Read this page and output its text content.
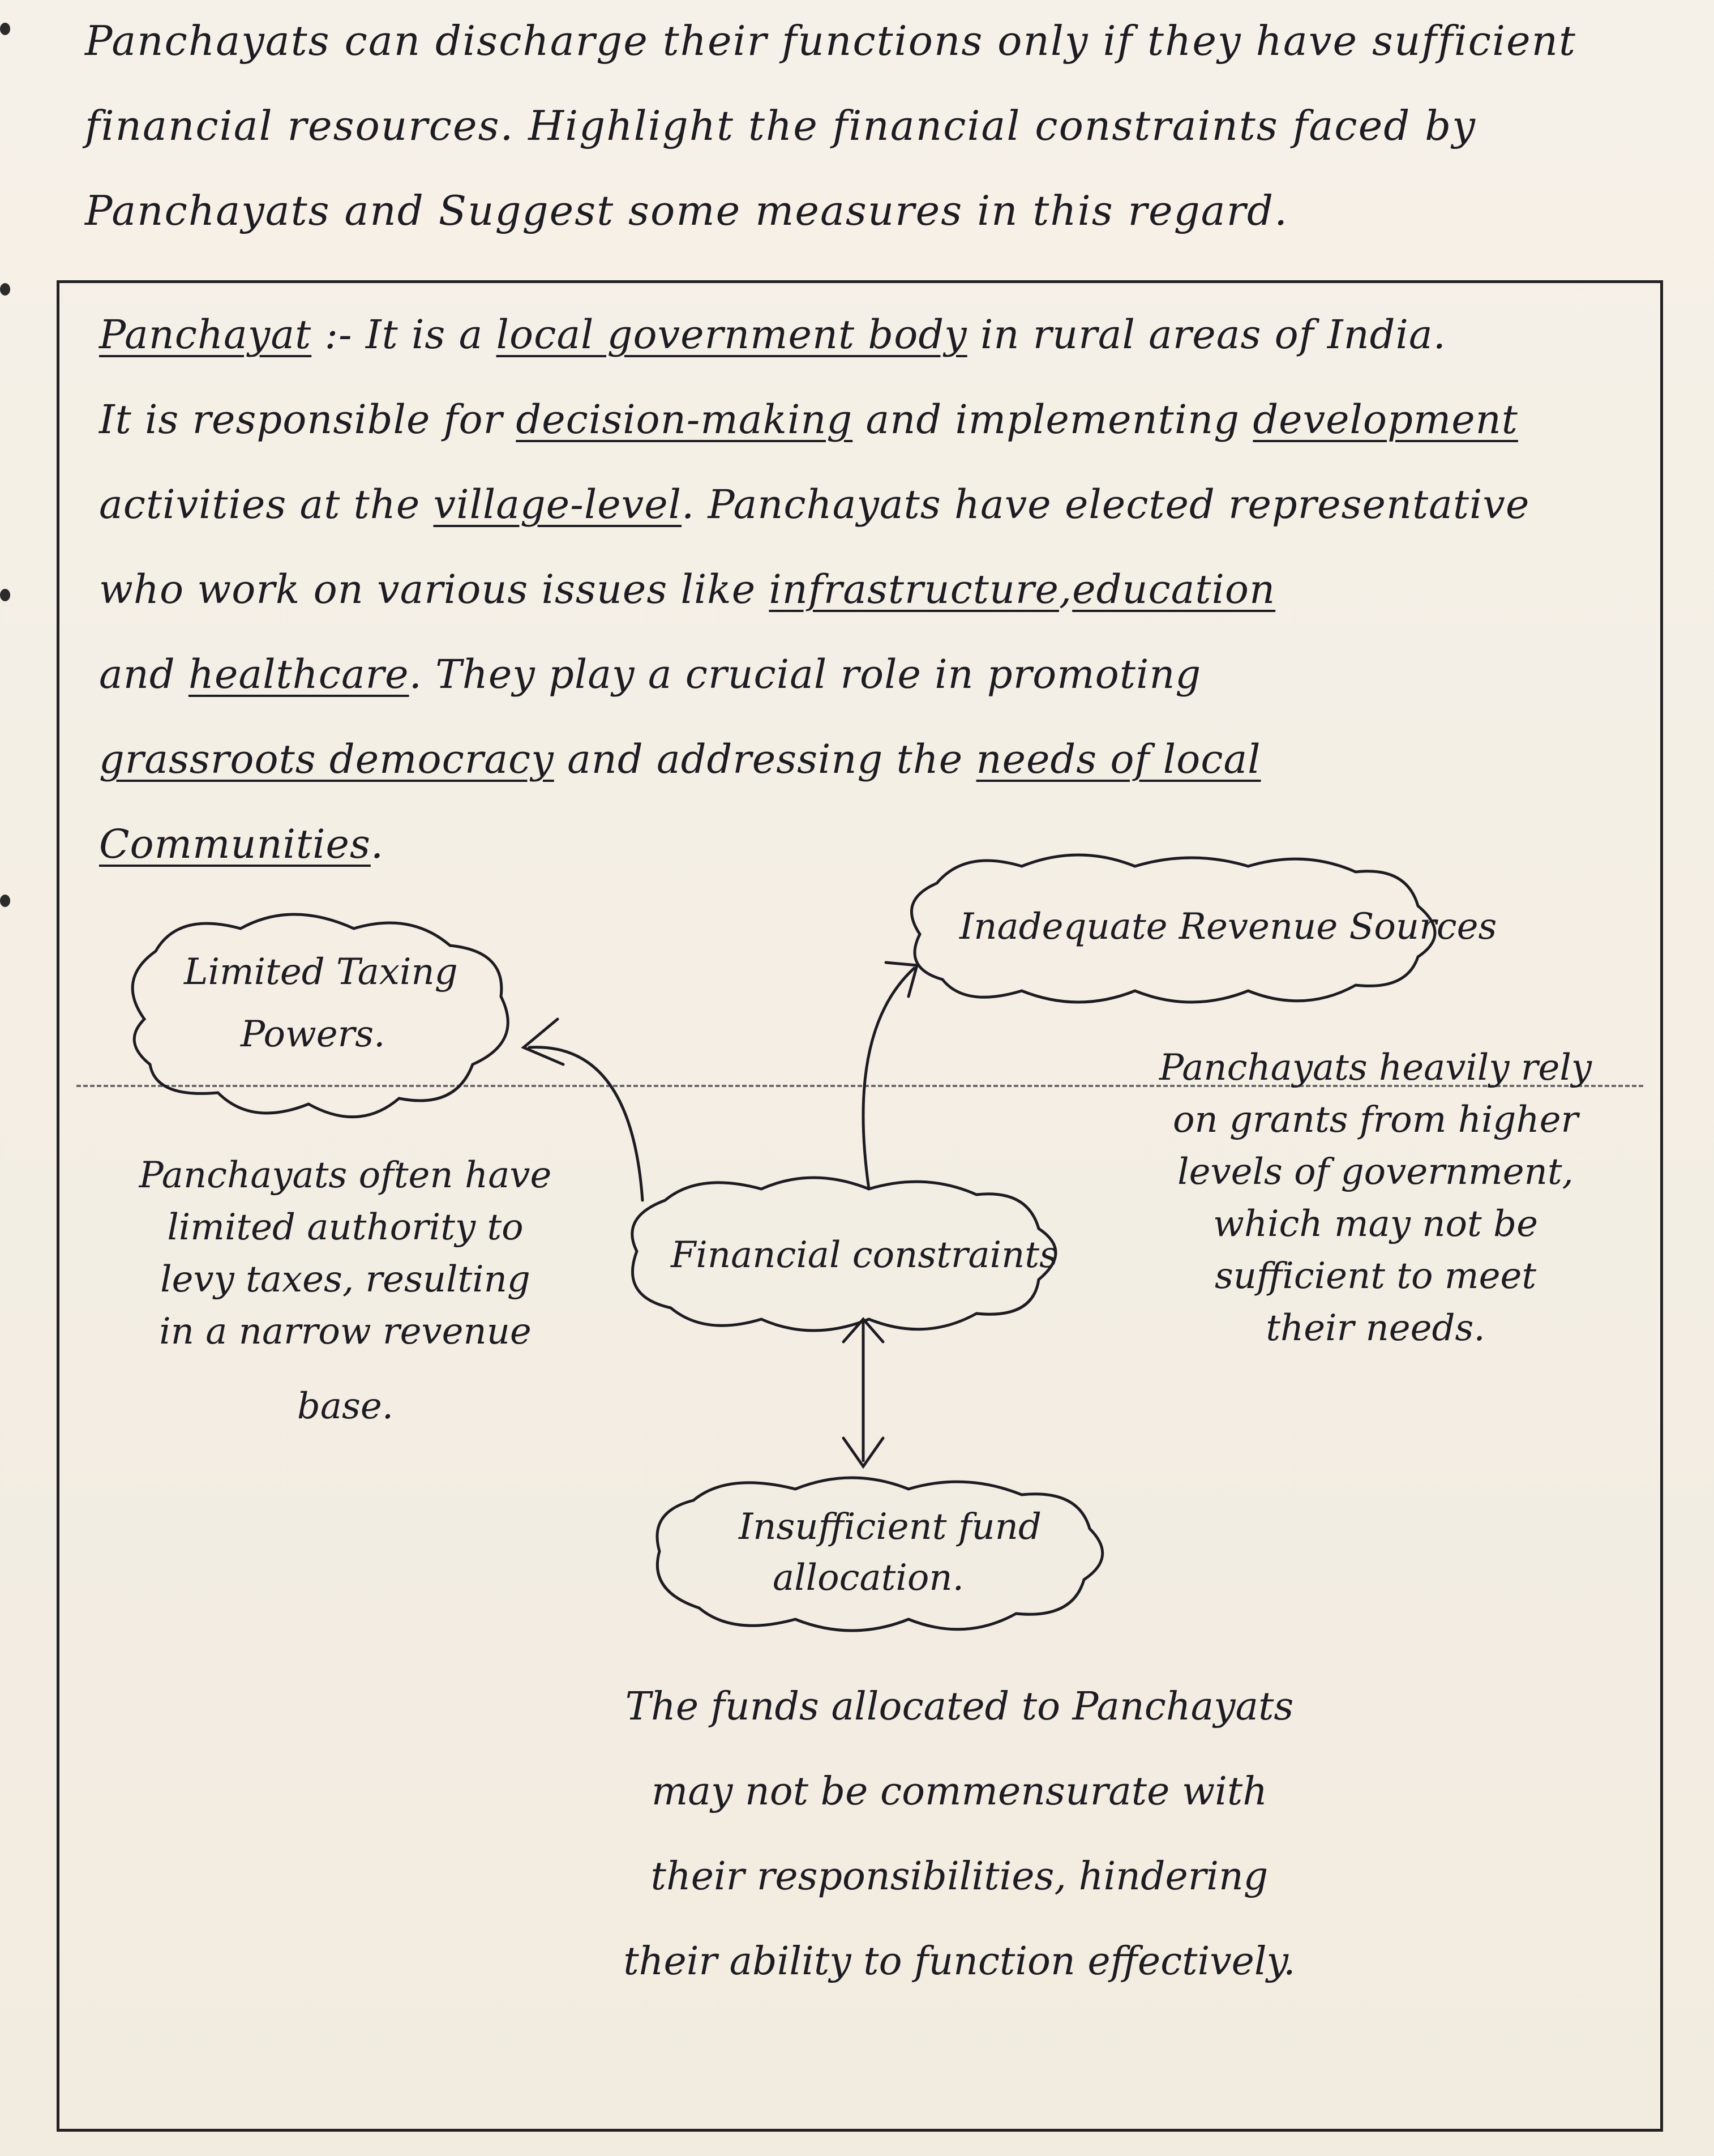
Panchayats can discharge their functions only if they have sufficient
financial resources. Highlight the financial constraints faced by
Panchayats and Suggest some measures in this regard.
Panchayat :- It is a local government body in rural areas of India.
It is responsible for decision-making and implementing development
activities at the village-level. Panchayats have elected representative
who work on various issues like infrastructure,education
and healthcare. They play a crucial role in promoting
grassroots democracy and addressing the needs of local
Communities.
Limited Taxing
Powers.
Inadequate Revenue Sources
Financial constraints
Insufficient fund
allocation.
Panchayats often have
limited authority to
levy taxes, resulting
in a narrow revenue
base.
Panchayats heavily rely
on grants from higher
levels of government,
which may not be
sufficient to meet
their needs.
The funds allocated to Panchayats
may not be commensurate with
their responsibilities, hindering
their ability to function effectively.
